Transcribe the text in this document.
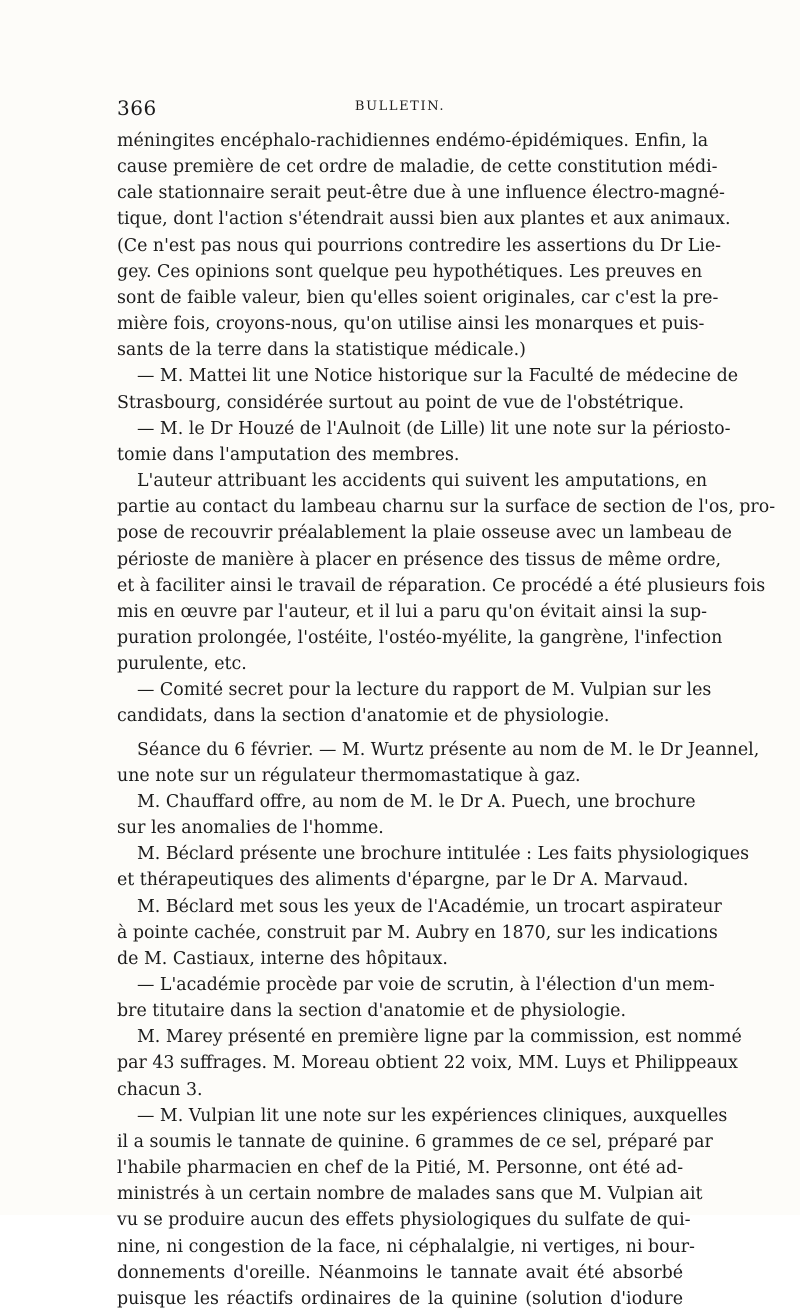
366	BULLETIN.
méningites encéphalo-rachidiennes endémo-épidémiques. Enfin, la
cause première de cet ordre de maladie, de cette constitution médi-
cale stationnaire serait peut-être due à une influence électro-magné-
tique, dont l'action s'étendrait aussi bien aux plantes et aux animaux.
(Ce n'est pas nous qui pourrions contredire les assertions du Dr Lie-
gey. Ces opinions sont quelque peu hypothétiques. Les preuves en
sont de faible valeur, bien qu'elles soient originales, car c'est la pre-
mière fois, croyons-nous, qu'on utilise ainsi les monarques et puis-
sants de la terre dans la statistique médicale.)
— M. Mattei lit une Notice historique sur la Faculté de médecine de
Strasbourg, considérée surtout au point de vue de l'obstétrique.
— M. le Dr Houzé de l'Aulnoit (de Lille) lit une note sur la périosto-
tomie dans l'amputation des membres.
L'auteur attribuant les accidents qui suivent les amputations, en
partie au contact du lambeau charnu sur la surface de section de l'os, pro-
pose de recouvrir préalablement la plaie osseuse avec un lambeau de
périoste de manière à placer en présence des tissus de même ordre,
et à faciliter ainsi le travail de réparation. Ce procédé a été plusieurs fois
mis en œuvre par l'auteur, et il lui a paru qu'on évitait ainsi la sup-
puration prolongée, l'ostéite, l'ostéo-myélite, la gangrène, l'infection
purulente, etc.
— Comité secret pour la lecture du rapport de M. Vulpian sur les
candidats, dans la section d'anatomie et de physiologie.
Séance du 6 février. — M. Wurtz présente au nom de M. le Dr Jeannel,
une note sur un régulateur thermomastatique à gaz.
M. Chauffard offre, au nom de M. le Dr A. Puech, une brochure
sur les anomalies de l'homme.
M. Béclard présente une brochure intitulée : Les faits physiologiques
et thérapeutiques des aliments d'épargne, par le Dr A. Marvaud.
M. Béclard met sous les yeux de l'Académie, un trocart aspirateur
à pointe cachée, construit par M. Aubry en 1870, sur les indications
de M. Castiaux, interne des hôpitaux.
— L'académie procède par voie de scrutin, à l'élection d'un mem-
bre titutaire dans la section d'anatomie et de physiologie.
M. Marey présenté en première ligne par la commission, est nommé
par 43 suffrages. M. Moreau obtient 22 voix, MM. Luys et Philippeaux
chacun 3.
— M. Vulpian lit une note sur les expériences cliniques, auxquelles
il a soumis le tannate de quinine. 6 grammes de ce sel, préparé par
l'habile pharmacien en chef de la Pitié, M. Personne, ont été ad-
ministrés à un certain nombre de malades sans que M. Vulpian ait
vu se produire aucun des effets physiologiques du sulfate de qui-
nine, ni congestion de la face, ni céphalalgie, ni vertiges, ni bour-
donnements d'oreille. Néanmoins le tannate avait été absorbé
puisque les réactifs ordinaires de la quinine (solution d'iodure
